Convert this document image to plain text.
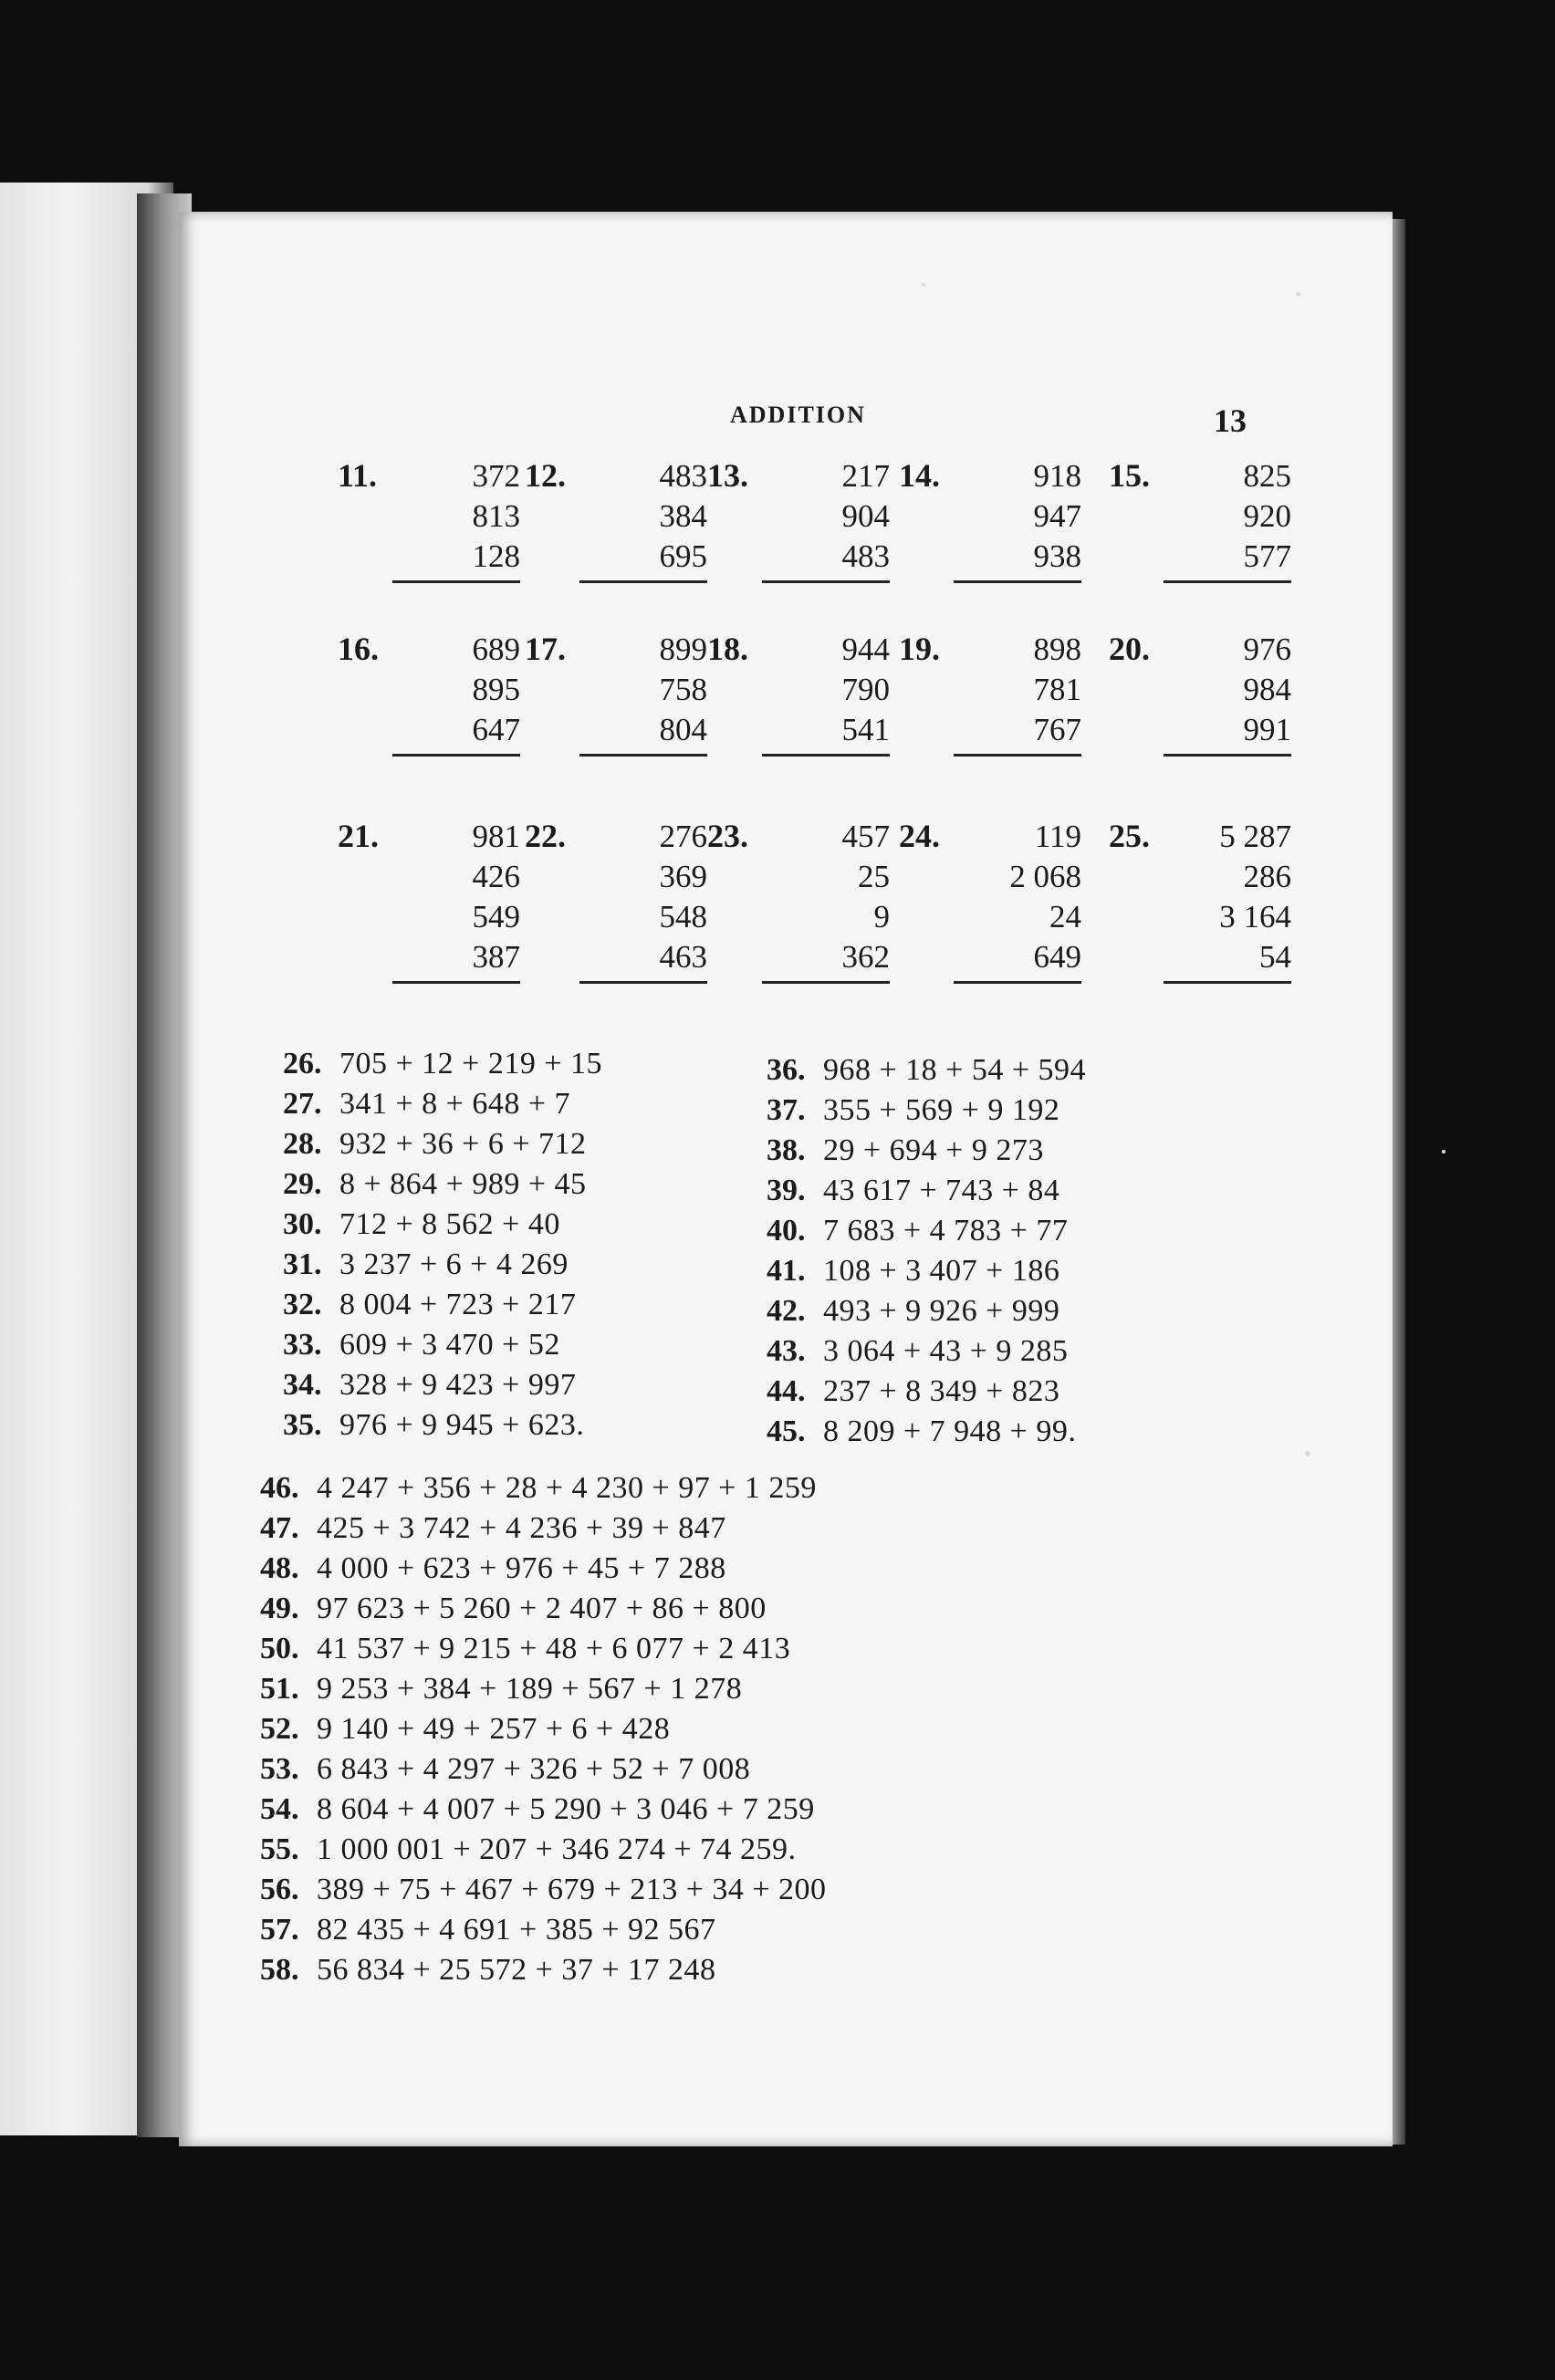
ADDITION	13
11.	372
813
128
12.	483
384
695
13.	217
904
483
14.	918
947
938
15.	825
920
577
16.	689
895
647
17.	899
758
804
18.	944
790
541
19.	898
781
767
20.	976
984
991
21.	981
426
549
387
22.	276
369
548
463
23.	457
25
9
362
24.	119
2 068
24
649
25.	5 287
286
3 164
54
26. 705 + 12 + 219 + 15
27. 341 + 8 + 648 + 7
28. 932 + 36 + 6 + 712
29. 8 + 864 + 989 + 45
30. 712 + 8 562 + 40
31. 3 237 + 6 + 4 269
32. 8 004 + 723 + 217
33. 609 + 3 470 + 52
34. 328 + 9 423 + 997
35. 976 + 9 945 + 623.
36. 968 + 18 + 54 + 594
37. 355 + 569 + 9 192
38. 29 + 694 + 9 273
39. 43 617 + 743 + 84
40. 7 683 + 4 783 + 77
41. 108 + 3 407 + 186
42. 493 + 9 926 + 999
43. 3 064 + 43 + 9 285
44. 237 + 8 349 + 823
45. 8 209 + 7 948 + 99.
46. 4 247 + 356 + 28 + 4 230 + 97 + 1 259
47. 425 + 3 742 + 4 236 + 39 + 847
48. 4 000 + 623 + 976 + 45 + 7 288
49. 97 623 + 5 260 + 2 407 + 86 + 800
50. 41 537 + 9 215 + 48 + 6 077 + 2 413
51. 9 253 + 384 + 189 + 567 + 1 278
52. 9 140 + 49 + 257 + 6 + 428
53. 6 843 + 4 297 + 326 + 52 + 7 008
54. 8 604 + 4 007 + 5 290 + 3 046 + 7 259
55. 1 000 001 + 207 + 346 274 + 74 259.
56. 389 + 75 + 467 + 679 + 213 + 34 + 200
57. 82 435 + 4 691 + 385 + 92 567
58. 56 834 + 25 572 + 37 + 17 248
